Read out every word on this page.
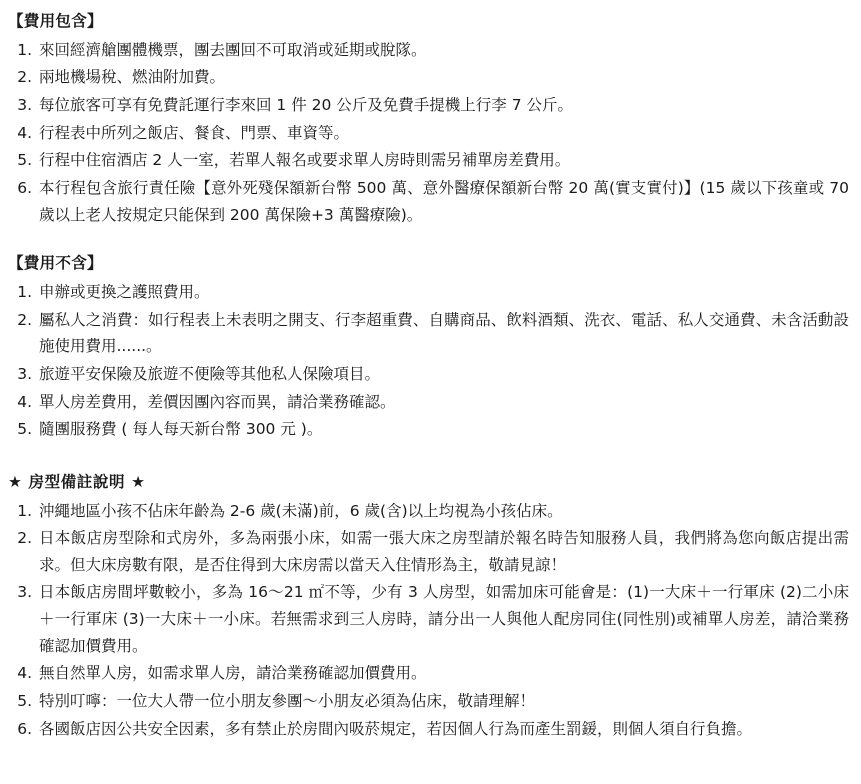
【費用包含】
1. 來回經濟艙團體機票，團去團回不可取消或延期或脫隊。
2. 兩地機場稅、燃油附加費。
3. 每位旅客可享有免費託運行李來回 1 件 20 公斤及免費手提機上行李 7 公斤。
4. 行程表中所列之飯店、餐食、門票、車資等。
5. 行程中住宿酒店 2 人一室，若單人報名或要求單人房時則需另補單房差費用。
6. 本行程包含旅行責任險【意外死殘保額新台幣 500 萬、意外醫療保額新台幣 20 萬(實支實付)】(15 歲以下孩童或 70 歲以上老人按規定只能保到 200 萬保險+3 萬醫療險)。
【費用不含】
1. 申辦或更換之護照費用。
2. 屬私人之消費：如行程表上未表明之開支、行李超重費、自購商品、飲料酒類、洗衣、電話、私人交通費、未含活動設施使用費用......。
3. 旅遊平安保險及旅遊不便險等其他私人保險項目。
4. 單人房差費用，差價因團內容而異，請洽業務確認。
5. 隨團服務費 ( 每人每天新台幣 300 元 )。
★ 房型備註說明 ★
1. 沖繩地區小孩不佔床年齡為 2-6 歲(未滿)前，6 歲(含)以上均視為小孩佔床。
2. 日本飯店房型除和式房外，多為兩張小床，如需一張大床之房型請於報名時告知服務人員，我們將為您向飯店提出需求。但大床房數有限，是否住得到大床房需以當天入住情形為主，敬請見諒！
3. 日本飯店房間坪數較小，多為 16～21 ㎡不等，少有 3 人房型，如需加床可能會是：(1)一大床＋一行軍床 (2)二小床＋一行軍床 (3)一大床＋一小床。若無需求到三人房時，請分出一人與他人配房同住(同性別)或補單人房差，請洽業務確認加價費用。
4. 無自然單人房，如需求單人房，請洽業務確認加價費用。
5. 特別叮嚀：一位大人帶一位小朋友參團～小朋友必須為佔床，敬請理解！
6. 各國飯店因公共安全因素，多有禁止於房間內吸菸規定，若因個人行為而產生罰鍰，則個人須自行負擔。
